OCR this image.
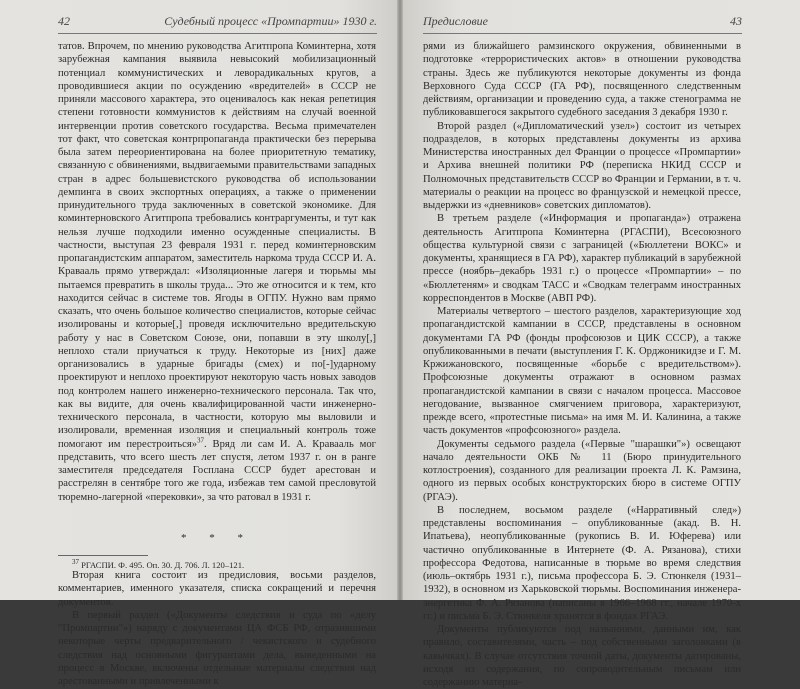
42	Судебный процесс «Промпартии» 1930 г.

татов. Впрочем, по мнению руководства Агитпропа Коминтерна, хотя зарубежная кампания выявила невысокий мобилизационный потенциал коммунистических и леворадикальных кругов, а проводившиеся акции по осуждению «вредителей» в СССР не приняли массового характера, это оценивалось как некая репетиция степени готовности коммунистов к действиям на случай военной интервенции против советского государства. Весьма примечателен тот факт, что советская контрпропаганда практически без перерыва была затем переориентирована на более приоритетную тематику, связанную с обвинениями, выдвигаемыми правительствами западных стран в адрес большевистского руководства об использовании демпинга в своих экспортных операциях, а также о применении принудительного труда заключенных в советской экономике. Для коминтерновского Агитпропа требовались контраргументы, и тут как нельзя лучше подходили именно осужденные специалисты. В частности, выступая 23 февраля 1931 г. перед коминтерновским пропагандистским аппаратом, заместитель наркома труда СССР И. А. Кравааль прямо утверждал: «Изоляционные лагеря и тюрьмы мы пытаемся превратить в школы труда... Это же относится и к тем, кто находится сейчас в системе тов. Ягоды в ОГПУ. Нужно вам прямо сказать, что очень большое количество специалистов, которые сейчас изолированы и которые[,] проведя исключительно вредительскую работу у нас в Советском Союзе, они, попавши в эту школу[,] неплохо стали приучаться к труду. Некоторые из [них] даже организовались в ударные бригады (смех) и по[-]ударному проектируют и неплохо проектируют некоторую часть новых заводов под контролем нашего инженерно-технического персонала. Так что, как вы видите, для очень квалифицированной части инженерно-технического персонала, в частности, которую мы выловили и изолировали, временная изоляция и специальный контроль тоже помогают им перестроиться»$^{37}$. Вряд ли сам И. А. Кравааль мог представить, что всего шесть лет спустя, летом 1937 г. он в ранге заместителя председателя Госплана СССР будет арестован и расстрелян в сентябре того же года, избежав тем самой пресловутой тюремно-лагерной «перековки», за что ратовал в 1931 г.

* * *

Вторая книга состоит из предисловия, восьми разделов, комментариев, именного указателя, списка сокращений и перечня документов.

В первый раздел («Документы следствия и суда по «делу "Промпартии"») наряду с документами ЦА ФСБ РФ, отразившими некоторые черты предварительного / чекистского и судебного следствия над основными фигурантами дела, выведенными на процесс в Москве, включены отдельные материалы следствия над арестованными и привлеченными к

$^{37}$ РГАСПИ. Ф. 495. Оп. 30. Д. 706. Л. 120–121.
Предисловие	43

рями из ближайшего рамзинского окружения, обвиненными в подготовке «террористических актов» в отношении руководства страны. Здесь же публикуются некоторые документы из фонда Верховного Суда СССР (ГА РФ), посвященного следственным действиям, организации и проведению суда, а также стенограмма не публиковавшегося закрытого судебного заседания 3 декабря 1930 г.

Второй раздел («Дипломатический узел») состоит из четырех подразделов, в которых представлены документы из архива Министерства иностранных дел Франции о процессе «Промпартии» и Архива внешней политики РФ (переписка НКИД СССР и Полномочных представительств СССР во Франции и Германии, в т. ч. материалы о реакции на процесс во французской и немецкой прессе, выдержки из «дневников» советских дипломатов).

В третьем разделе («Информация и пропаганда») отражена деятельность Агитпропа Коминтерна (РГАСПИ), Всесоюзного общества культурной связи с заграницей («Бюллетени ВОКС» и документы, хранящиеся в ГА РФ), характер публикаций в зарубежной прессе (ноябрь–декабрь 1931 г.) о процессе «Промпартии» – по «Бюллетеням» и сводкам ТАСС и «Сводкам телеграмм иностранных корреспондентов в Москве (АВП РФ).

Материалы четвертого – шестого разделов, характеризующие ход пропагандистской кампании в СССР, представлены в основном документами ГА РФ (фонды профсоюзов и ЦИК СССР), а также опубликованными в печати (выступления Г. К. Орджоникидзе и Г. М. Кржижановского, посвященные «борьбе с вредительством»). Профсоюзные документы отражают в основном размах пропагандистской кампании в связи с началом процесса. Массовое негодование, вызванное смягчением приговора, характеризуют, прежде всего, «протестные письма» на имя М. И. Калинина, а также часть документов «профсоюзного» раздела.

Документы седьмого раздела («Первые "шарашки"») освещают начало деятельности ОКБ № 11 (Бюро принудительного котлостроения), созданного для реализации проекта Л. К. Рамзина, одного из первых особых конструкторских бюро в системе ОГПУ (РГАЭ).

В последнем, восьмом разделе («Нарративный след») представлены воспоминания – опубликованные (акад. В. Н. Ипатьева), неопубликованные (рукопись В. И. Юферева) или частично опубликованные в Интернете (Ф. А. Рязанова), стихи профессора Федотова, написанные в тюрьме во время следствия (июль–октябрь 1931 г.), письма профессора Б. Э. Стюнкеля (1931–1932), в основном из Харьковской тюрьмы. Воспоминания инженера-энергетика Ф. А. Рязанова (написаны в 1966–1968 гг., начале 1970-х гг.) и письма Б. Э. Стюнкеля хранятся в фондах РГАЭ.

Документы публикуются под названиями, данными им, как правило, составителями, часть – под собственными заголовками (в кавычках). В случае отсутствия точной даты, документы датированы, исходя из содержания, по сопроводительным письмам или содержанию материа-
